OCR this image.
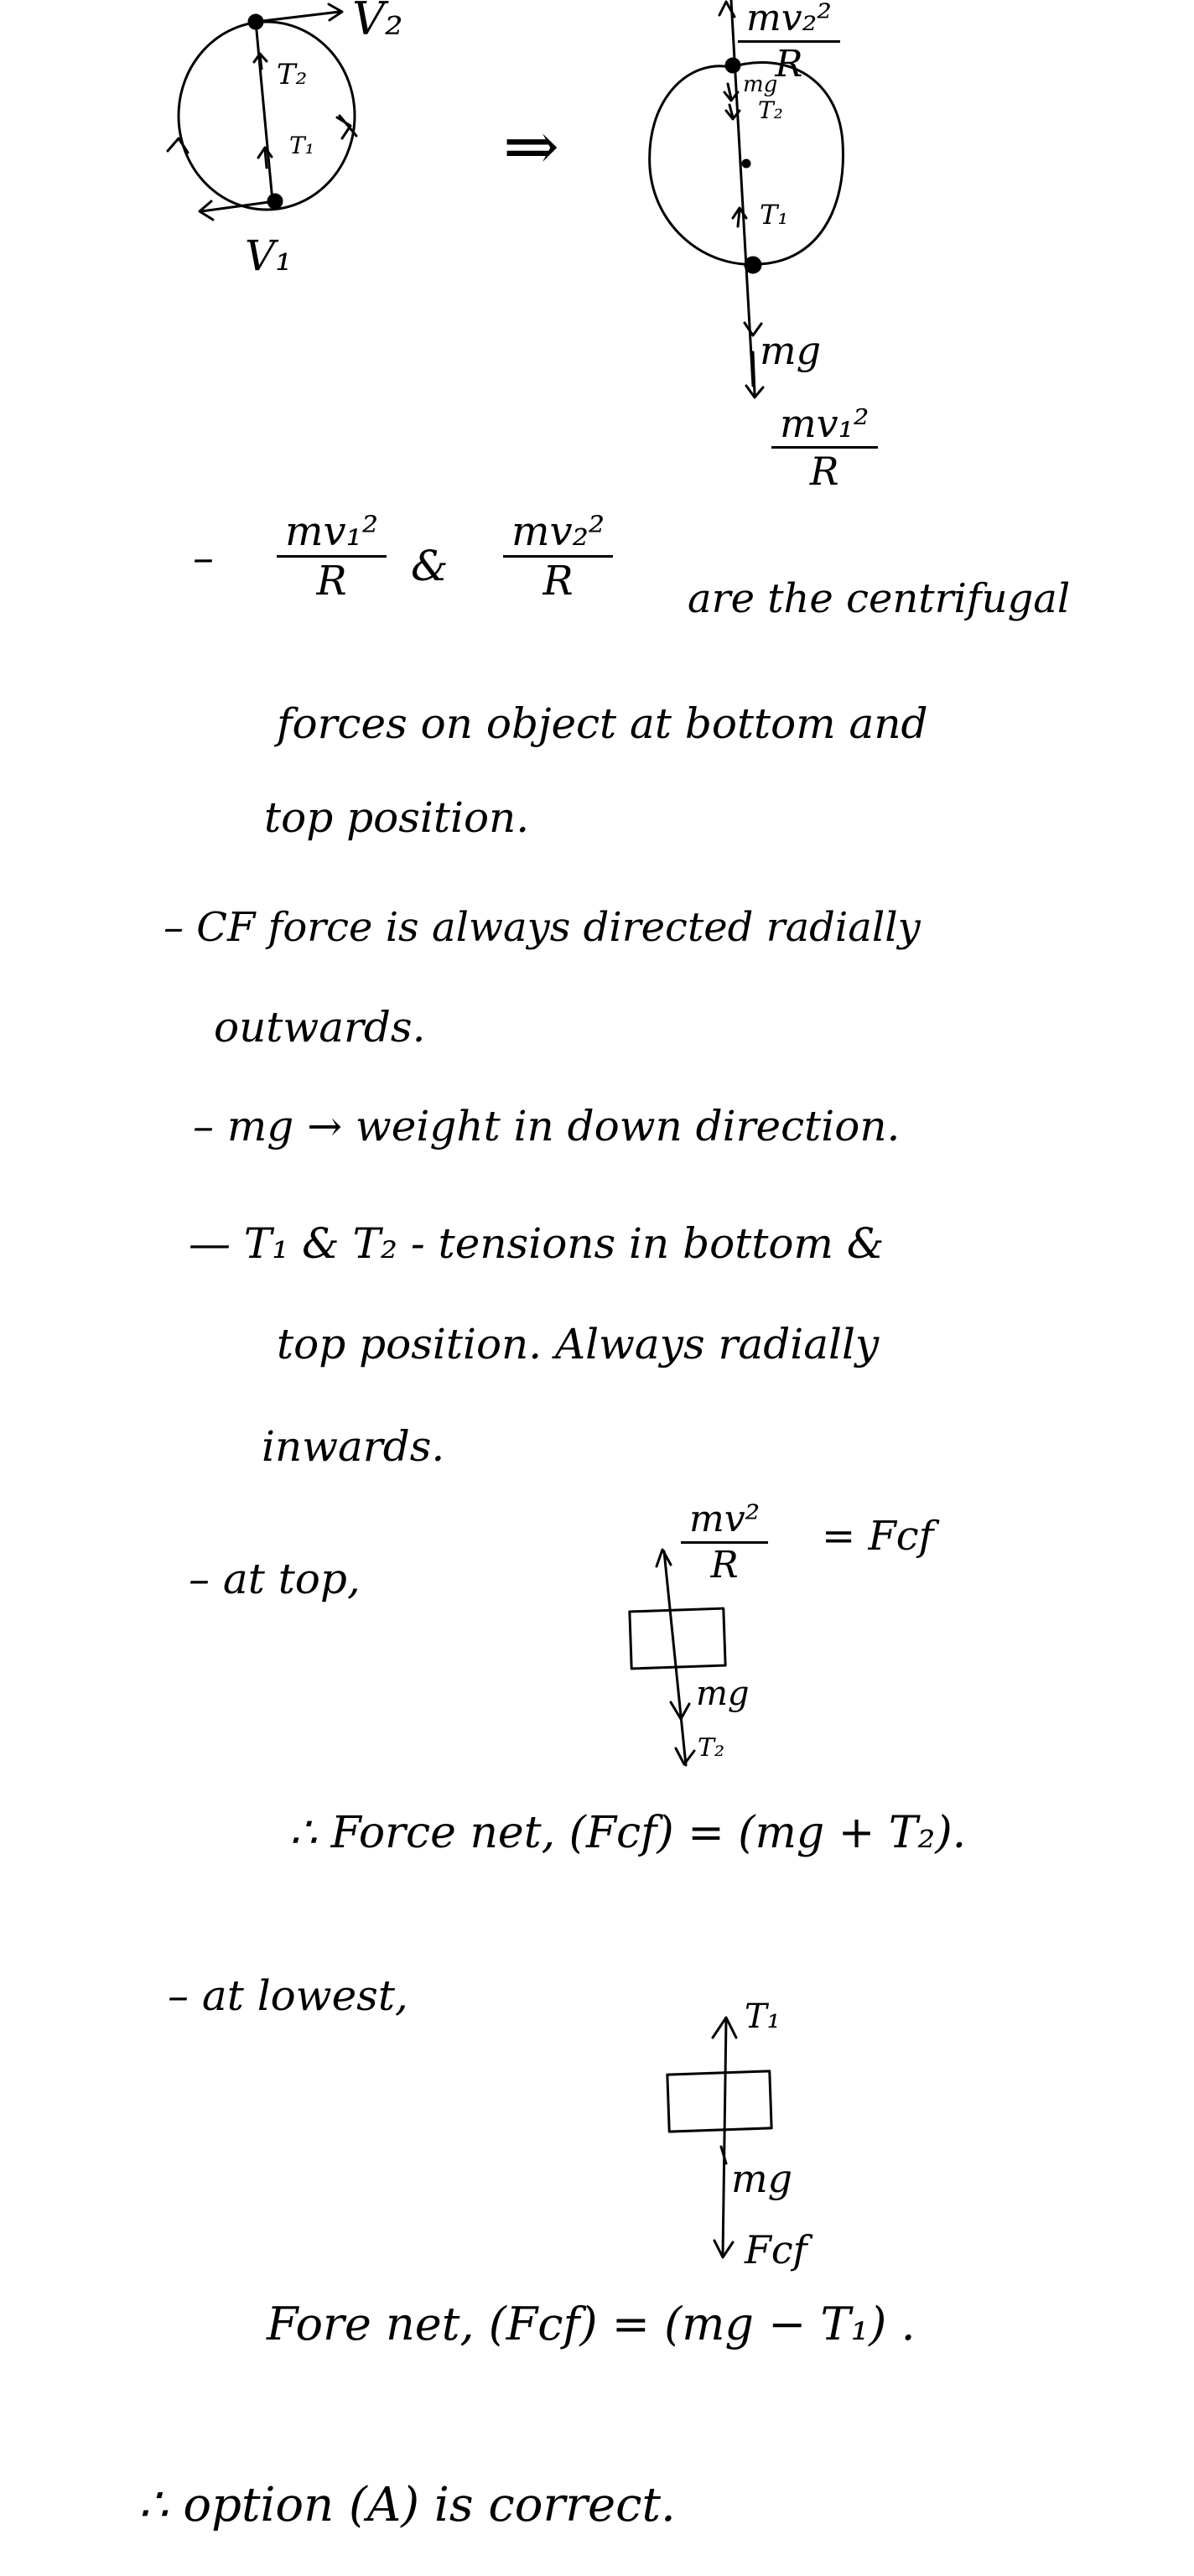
V₂
V₁
T₂
T₁	⇒
$\frac{\text{mv₂²}}{R}$
mg
T₂
T₁
mg
$\frac{\text{mv₁²}}{R}$
– $\frac{\text{mv₁²}}{R}$ & $\frac{\text{mv₂²}}{R}$ are the centrifugal
forces on object at bottom and
top position.
– CF force is always directed radially
outwards.
– mg → weight in down direction.
— T₁ & T₂ - tensions in bottom &
top position. Always radially
inwards.
– at top,	$\frac{\text{mv²}}{R}$ = Fcf
mg
T₂
∴ Force net, (Fcf) = (mg + T₂).
– at lowest,	T₁
mg
Fcf
Fore net, (Fcf) = (mg − T₁) .
∴ option (A) is correct.
